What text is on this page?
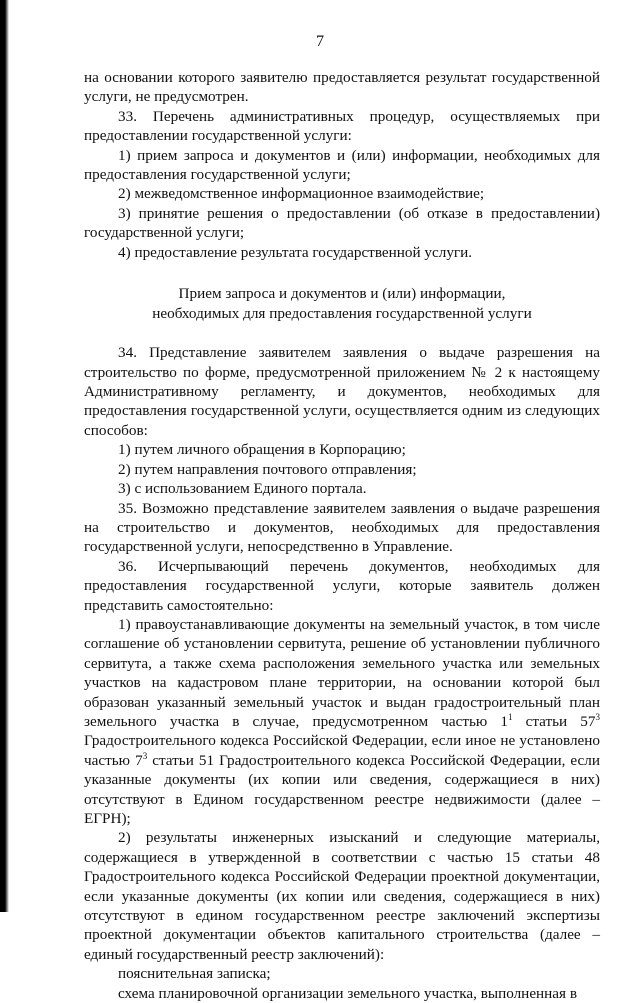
7

на основании которого заявителю предоставляется результат государственной услуги, не предусмотрен.

33. Перечень административных процедур, осуществляемых при предоставлении государственной услуги:

1) прием запроса и документов и (или) информации, необходимых для предоставления государственной услуги;

2) межведомственное информационное взаимодействие;

3) принятие решения о предоставлении (об отказе в предоставлении) государственной услуги;

4) предоставление результата государственной услуги.

Прием запроса и документов и (или) информации,
необходимых для предоставления государственной услуги

34. Представление заявителем заявления о выдаче разрешения на строительство по форме, предусмотренной приложением № 2 к настоящему Административному регламенту, и документов, необходимых для предоставления государственной услуги, осуществляется одним из следующих способов:

1) путем личного обращения в Корпорацию;

2) путем направления почтового отправления;

3) с использованием Единого портала.

35. Возможно представление заявителем заявления о выдаче разрешения на строительство и документов, необходимых для предоставления государственной услуги, непосредственно в Управление.

36. Исчерпывающий перечень документов, необходимых для предоставления государственной услуги, которые заявитель должен представить самостоятельно:

1) правоустанавливающие документы на земельный участок, в том числе соглашение об установлении сервитута, решение об установлении публичного сервитута, а также схема расположения земельного участка или земельных участков на кадастровом плане территории, на основании которой был образован указанный земельный участок и выдан градостроительный план земельного участка в случае, предусмотренном частью $1^1$ статьи $57^3$ Градостроительного кодекса Российской Федерации, если иное не установлено частью $7^3$ статьи 51 Градостроительного кодекса Российской Федерации, если указанные документы (их копии или сведения, содержащиеся в них) отсутствуют в Едином государственном реестре недвижимости (далее – ЕГРН);

2) результаты инженерных изысканий и следующие материалы, содержащиеся в утвержденной в соответствии с частью 15 статьи 48 Градостроительного кодекса Российской Федерации проектной документации, если указанные документы (их копии или сведения, содержащиеся в них) отсутствуют в едином государственном реестре заключений экспертизы проектной документации объектов капитального строительства (далее – единый государственный реестр заключений):

пояснительная записка;

схема планировочной организации земельного участка, выполненная в
